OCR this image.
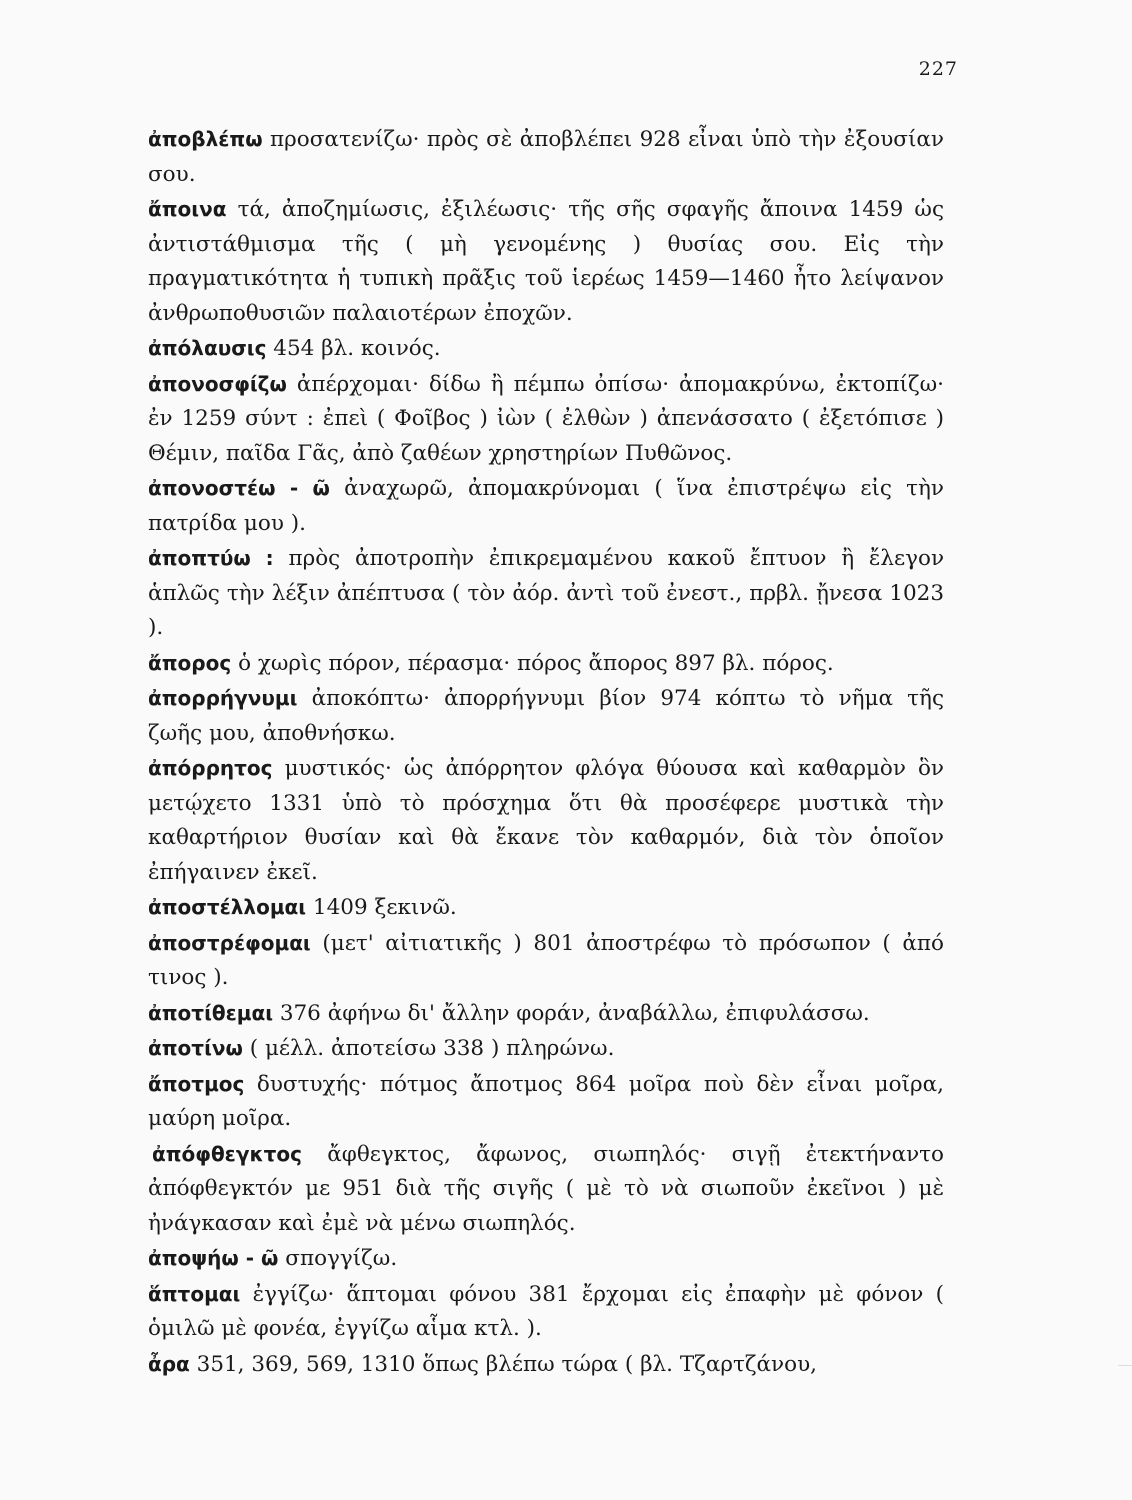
227

ἀποβλέπω προσατενίζω· πρὸς σὲ ἀποβλέπει 928 εἶναι ὑπὸ τὴν ἐξουσίαν σου.

ἄποινα τά, ἀποζημίωσις, ἐξιλέωσις· τῆς σῆς σφαγῆς ἄποινα 1459 ὡς ἀντιστάθμισμα τῆς ( μὴ γενομένης ) θυσίας σου. Εἰς τὴν πραγματικότητα ἡ τυπικὴ πρᾶξις τοῦ ἱερέως 1459—1460 ἦτο λείψανον ἀνθρωποθυσιῶν παλαιοτέρων ἐποχῶν.

ἀπόλαυσις 454 βλ. κοινός.

ἀπονοσφίζω ἀπέρχομαι· δίδω ἢ πέμπω ὀπίσω· ἀπομακρύνω, ἐκτοπίζω· ἐν 1259 σύντ : ἐπεὶ ( Φοῖβος ) ἰὼν ( ἐλθὼν ) ἀπενάσσατο ( ἐξετόπισε ) Θέμιν, παῖδα Γᾶς, ἀπὸ ζαθέων χρηστηρίων Πυθῶνος.

ἀπονοστέω - ῶ ἀναχωρῶ, ἀπομακρύνομαι ( ἵνα ἐπιστρέψω εἰς τὴν πατρίδα μου ).

ἀποπτύω : πρὸς ἀποτροπὴν ἐπικρεμαμένου κακοῦ ἔπτυον ἢ ἔλεγον ἁπλῶς τὴν λέξιν ἀπέπτυσα ( τὸν ἀόρ. ἀντὶ τοῦ ἐνεστ., πρβλ. ᾔνεσα 1023 ).

ἄπορος ὁ χωρὶς πόρον, πέρασμα· πόρος ἄπορος 897 βλ. πόρος.

ἀπορρήγνυμι ἀποκόπτω· ἀπορρήγνυμι βίον 974 κόπτω τὸ νῆμα τῆς ζωῆς μου, ἀποθνήσκω.

ἀπόρρητος μυστικός· ὡς ἀπόρρητον φλόγα θύουσα καὶ καθαρμὸν ὃν μετῴχετο 1331 ὑπὸ τὸ πρόσχημα ὅτι θὰ προσέφερε μυστικὰ τὴν καθαρτήριον θυσίαν καὶ θὰ ἔκανε τὸν καθαρμόν, διὰ τὸν ὁποῖον ἐπήγαινεν ἐκεῖ.

ἀποστέλλομαι 1409 ξεκινῶ.

ἀποστρέφομαι (μετ' αἰτιατικῆς ) 801 ἀποστρέφω τὸ πρόσωπον ( ἀπό τινος ).

ἀποτίθεμαι 376 ἀφήνω δι' ἄλλην φοράν, ἀναβάλλω, ἐπιφυλάσσω.

ἀποτίνω ( μέλλ. ἀποτείσω 338 ) πληρώνω.

ἄποτμος δυστυχής· πότμος ἄποτμος 864 μοῖρα ποὺ δὲν εἶναι μοῖρα, μαύρη μοῖρα.

ἀπόφθεγκτος ἄφθεγκτος, ἄφωνος, σιωπηλός· σιγῇ ἐτεκτήναντο ἀπόφθεγκτόν με 951 διὰ τῆς σιγῆς ( μὲ τὸ νὰ σιωποῦν ἐκεῖνοι ) μὲ ἠνάγκασαν καὶ ἐμὲ νὰ μένω σιωπηλός.

ἀποψήω - ῶ σπογγίζω.

ἅπτομαι ἐγγίζω· ἅπτομαι φόνου 381 ἔρχομαι εἰς ἐπαφὴν μὲ φόνον ( ὁμιλῶ μὲ φονέα, ἐγγίζω αἷμα κτλ. ).

ἆρα 351, 369, 569, 1310 ὅπως βλέπω τώρα ( βλ. Τζαρτζάνου,
